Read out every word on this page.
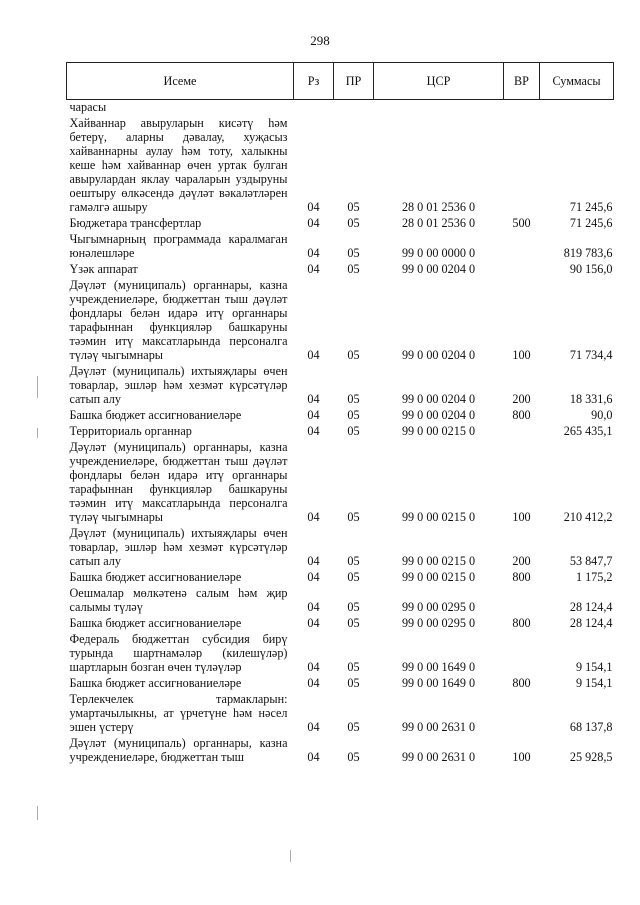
298
Исеме	Рз	ПР	ЦСР	ВР	Суммасы
чарасы					
Хайваннар авыруларын кисәтү һәм бетерү, аларны дәвалау, хуҗасыз хайваннарны аулау һәм тоту, халыкны кеше һәм хайваннар өчен уртак булган авырулардан яклау чараларын уздыруны оештыру өлкәсендә дәүләт вәкаләтләрен гамәлгә ашыру	04	05	28 0 01 2536 0		71 245,6
Бюджетара трансфертлар	04	05	28 0 01 2536 0	500	71 245,6
Чыгымнарның программада каралмаган юнәлешләре	04	05	99 0 00 0000 0		819 783,6
Үзәк аппарат	04	05	99 0 00 0204 0		90 156,0
Дәүләт (муниципаль) органнары, казна учреждениеләре, бюджеттан тыш дәүләт фондлары белән идарә итү органнары тарафыннан функцияләр башкаруны тәэмин итү максатларында персоналга түләү чыгымнары	04	05	99 0 00 0204 0	100	71 734,4
Дәүләт (муниципаль) ихтыяҗлары өчен товарлар, эшләр һәм хезмәт күрсәтүләр сатып алу	04	05	99 0 00 0204 0	200	18 331,6
Башка бюджет ассигнованиеләре	04	05	99 0 00 0204 0	800	90,0
Территориаль органнар	04	05	99 0 00 0215 0		265 435,1
Дәүләт (муниципаль) органнары, казна учреждениеләре, бюджеттан тыш дәүләт фондлары белән идарә итү органнары тарафыннан функцияләр башкаруны тәэмин итү максатларында персоналга түләү чыгымнары	04	05	99 0 00 0215 0	100	210 412,2
Дәүләт (муниципаль) ихтыяҗлары өчен товарлар, эшләр һәм хезмәт күрсәтүләр сатып алу	04	05	99 0 00 0215 0	200	53 847,7
Башка бюджет ассигнованиеләре	04	05	99 0 00 0215 0	800	1 175,2
Оешмалар мөлкәтенә салым һәм җир салымы түләү	04	05	99 0 00 0295 0		28 124,4
Башка бюджет ассигнованиеләре	04	05	99 0 00 0295 0	800	28 124,4
Федераль бюджеттан субсидия бирү турында шартнамәләр (килешүләр) шартларын бозган өчен түләүләр	04	05	99 0 00 1649 0		9 154,1
Башка бюджет ассигнованиеләре	04	05	99 0 00 1649 0	800	9 154,1
Терлекчелек тармакларын: умартачылыкны, ат үрчетүне һәм нәсел эшен үстерү	04	05	99 0 00 2631 0		68 137,8
Дәүләт (муниципаль) органнары, казна учреждениеләре, бюджеттан тыш	04	05	99 0 00 2631 0	100	25 928,5
